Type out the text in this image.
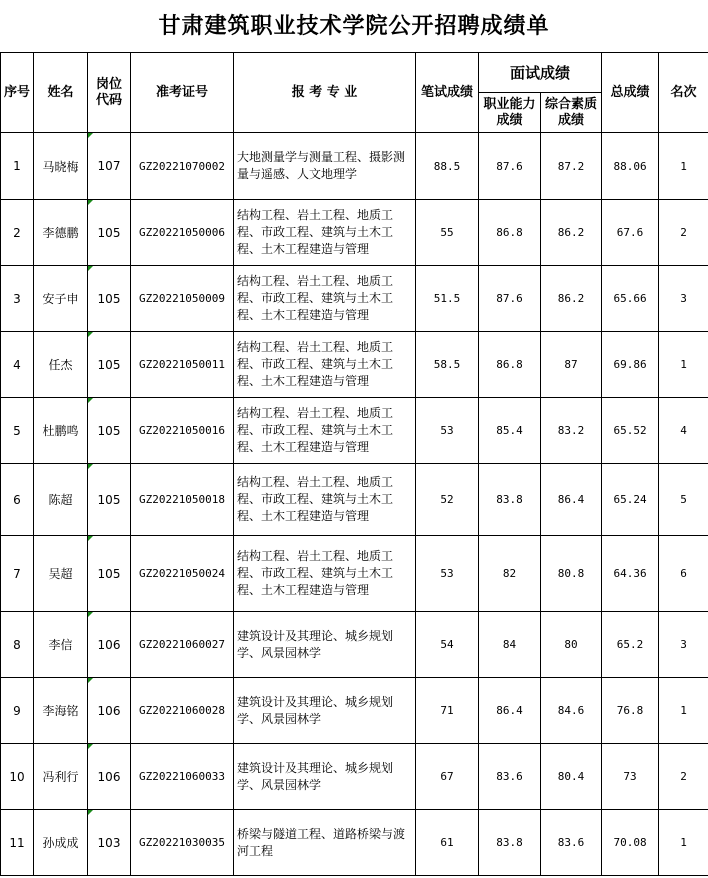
甘肃建筑职业技术学院公开招聘成绩单
序号	姓名	岗位代码	准考证号	报 考 专 业	笔试成绩	面试成绩		总成绩	名次

						职业能力成绩	综合素质成绩		

1	马晓梅	107	GZ20221070002	大地测量学与测量工程、摄影测量与遥感、人文地理学	88.5	87.6	87.2	88.06	1
2	李德鹏	105	GZ20221050006	结构工程、岩土工程、地质工程、市政工程、建筑与土木工程、土木工程建造与管理	55	86.8	86.2	67.6	2
3	安子申	105	GZ20221050009	结构工程、岩土工程、地质工程、市政工程、建筑与土木工程、土木工程建造与管理	51.5	87.6	86.2	65.66	3
4	任杰	105	GZ20221050011	结构工程、岩土工程、地质工程、市政工程、建筑与土木工程、土木工程建造与管理	58.5	86.8	87	69.86	1
5	杜鹏鸣	105	GZ20221050016	结构工程、岩土工程、地质工程、市政工程、建筑与土木工程、土木工程建造与管理	53	85.4	83.2	65.52	4
6	陈超	105	GZ20221050018	结构工程、岩土工程、地质工程、市政工程、建筑与土木工程、土木工程建造与管理	52	83.8	86.4	65.24	5
7	吴超	105	GZ20221050024	结构工程、岩土工程、地质工程、市政工程、建筑与土木工程、土木工程建造与管理	53	82	80.8	64.36	6
8	李信	106	GZ20221060027	建筑设计及其理论、城乡规划学、风景园林学	54	84	80	65.2	3
9	李海铭	106	GZ20221060028	建筑设计及其理论、城乡规划学、风景园林学	71	86.4	84.6	76.8	1
10	冯利行	106	GZ20221060033	建筑设计及其理论、城乡规划学、风景园林学	67	83.6	80.4	73	2
11	孙成成	103	GZ20221030035	桥梁与隧道工程、道路桥梁与渡河工程	61	83.8	83.6	70.08	1
